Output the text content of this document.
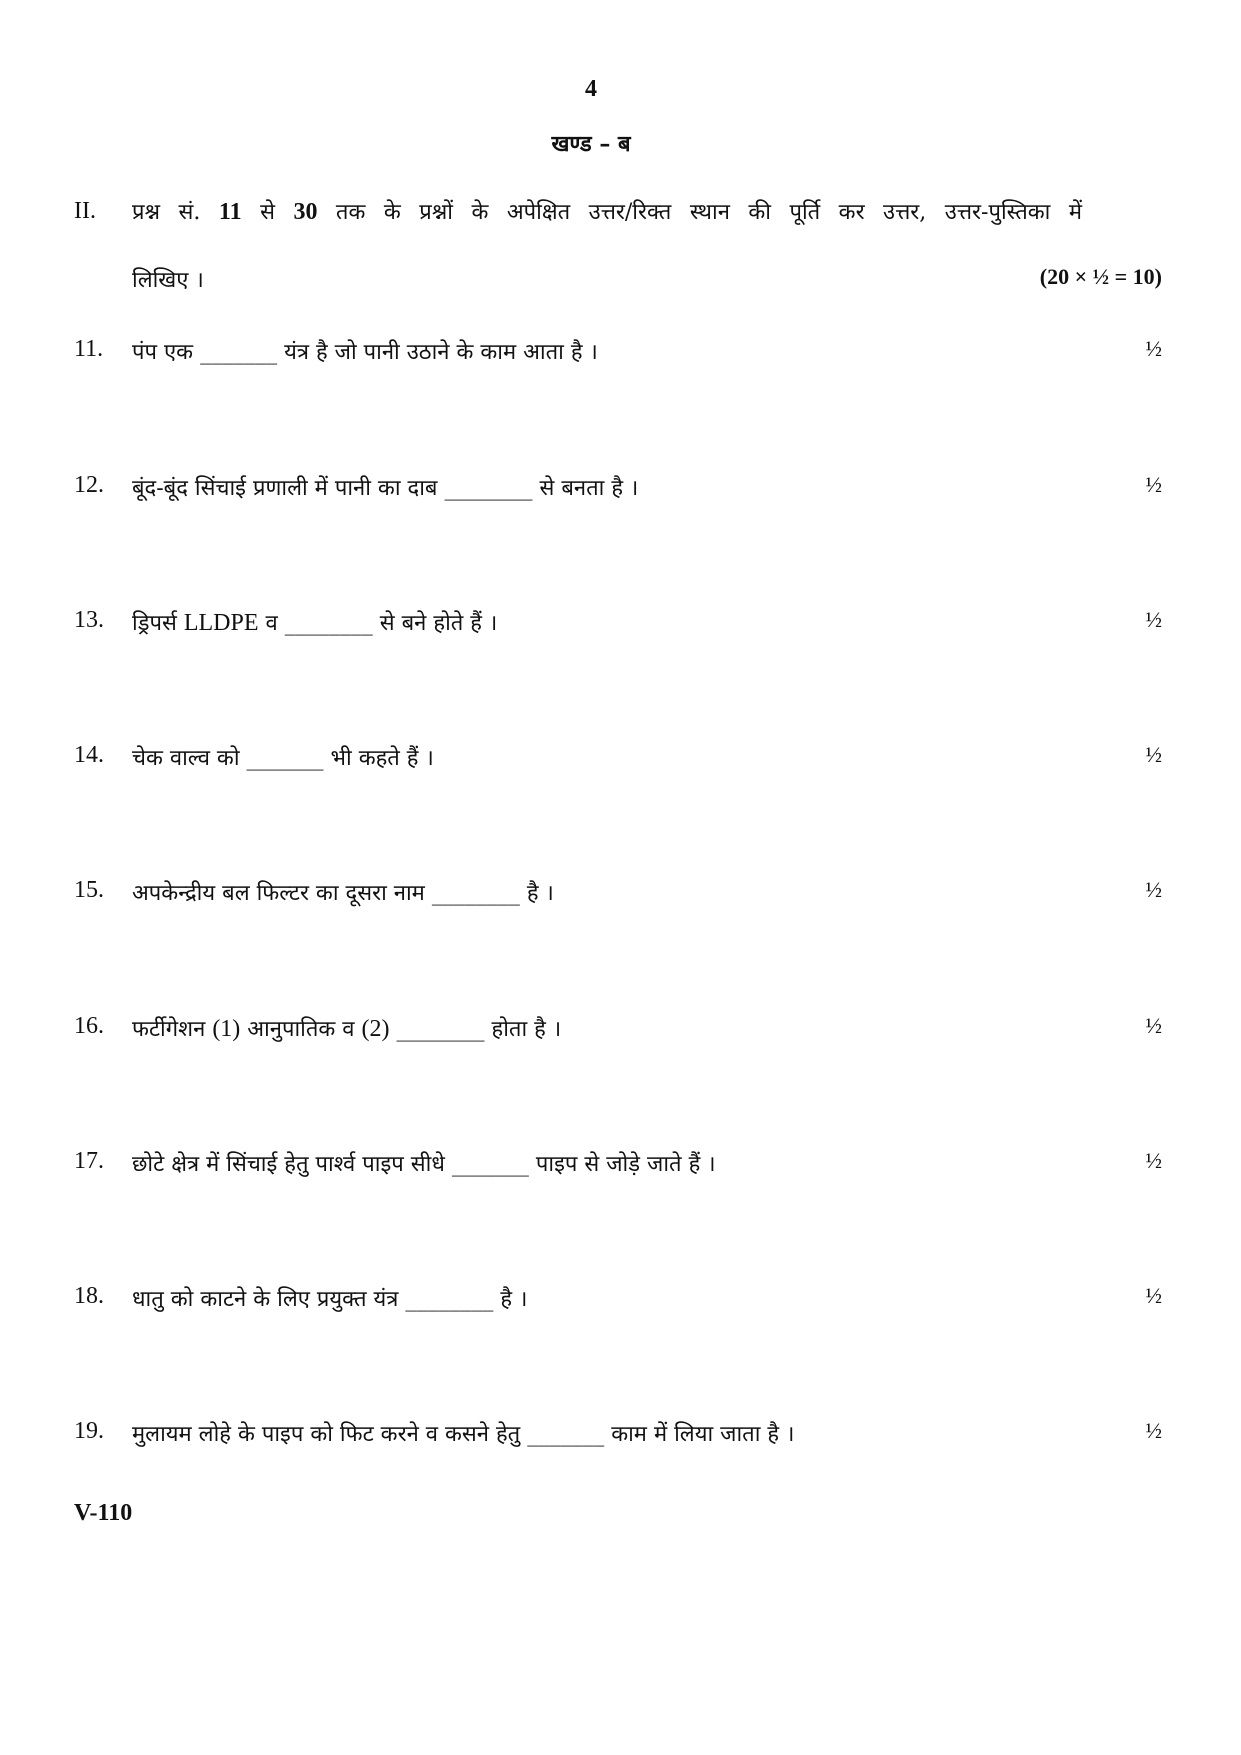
4
खण्ड – ब
II. प्रश्न सं. 11 से 30 तक के प्रश्नों के अपेक्षित उत्तर/रिक्त स्थान की पूर्ति कर उत्तर, उत्तर-पुस्तिका में
लिखिए ।	(20 × ½ = 10)
11. पंप एक _______ यंत्र है जो पानी उठाने के काम आता है ।	½
12. बूंद-बूंद सिंचाई प्रणाली में पानी का दाब ________ से बनता है ।	½
13. ड्रिपर्स LLDPE व ________ से बने होते हैं ।	½
14. चेक वाल्व को _______ भी कहते हैं ।	½
15. अपकेन्द्रीय बल फिल्टर का दूसरा नाम ________ है ।	½
16. फर्टीगेशन (1) आनुपातिक व (2) ________ होता है ।	½
17. छोटे क्षेत्र में सिंचाई हेतु पार्श्व पाइप सीधे _______ पाइप से जोड़े जाते हैं ।	½
18. धातु को काटने के लिए प्रयुक्त यंत्र ________ है ।	½
19. मुलायम लोहे के पाइप को फिट करने व कसने हेतु _______ काम में लिया जाता है ।	½
V-110
